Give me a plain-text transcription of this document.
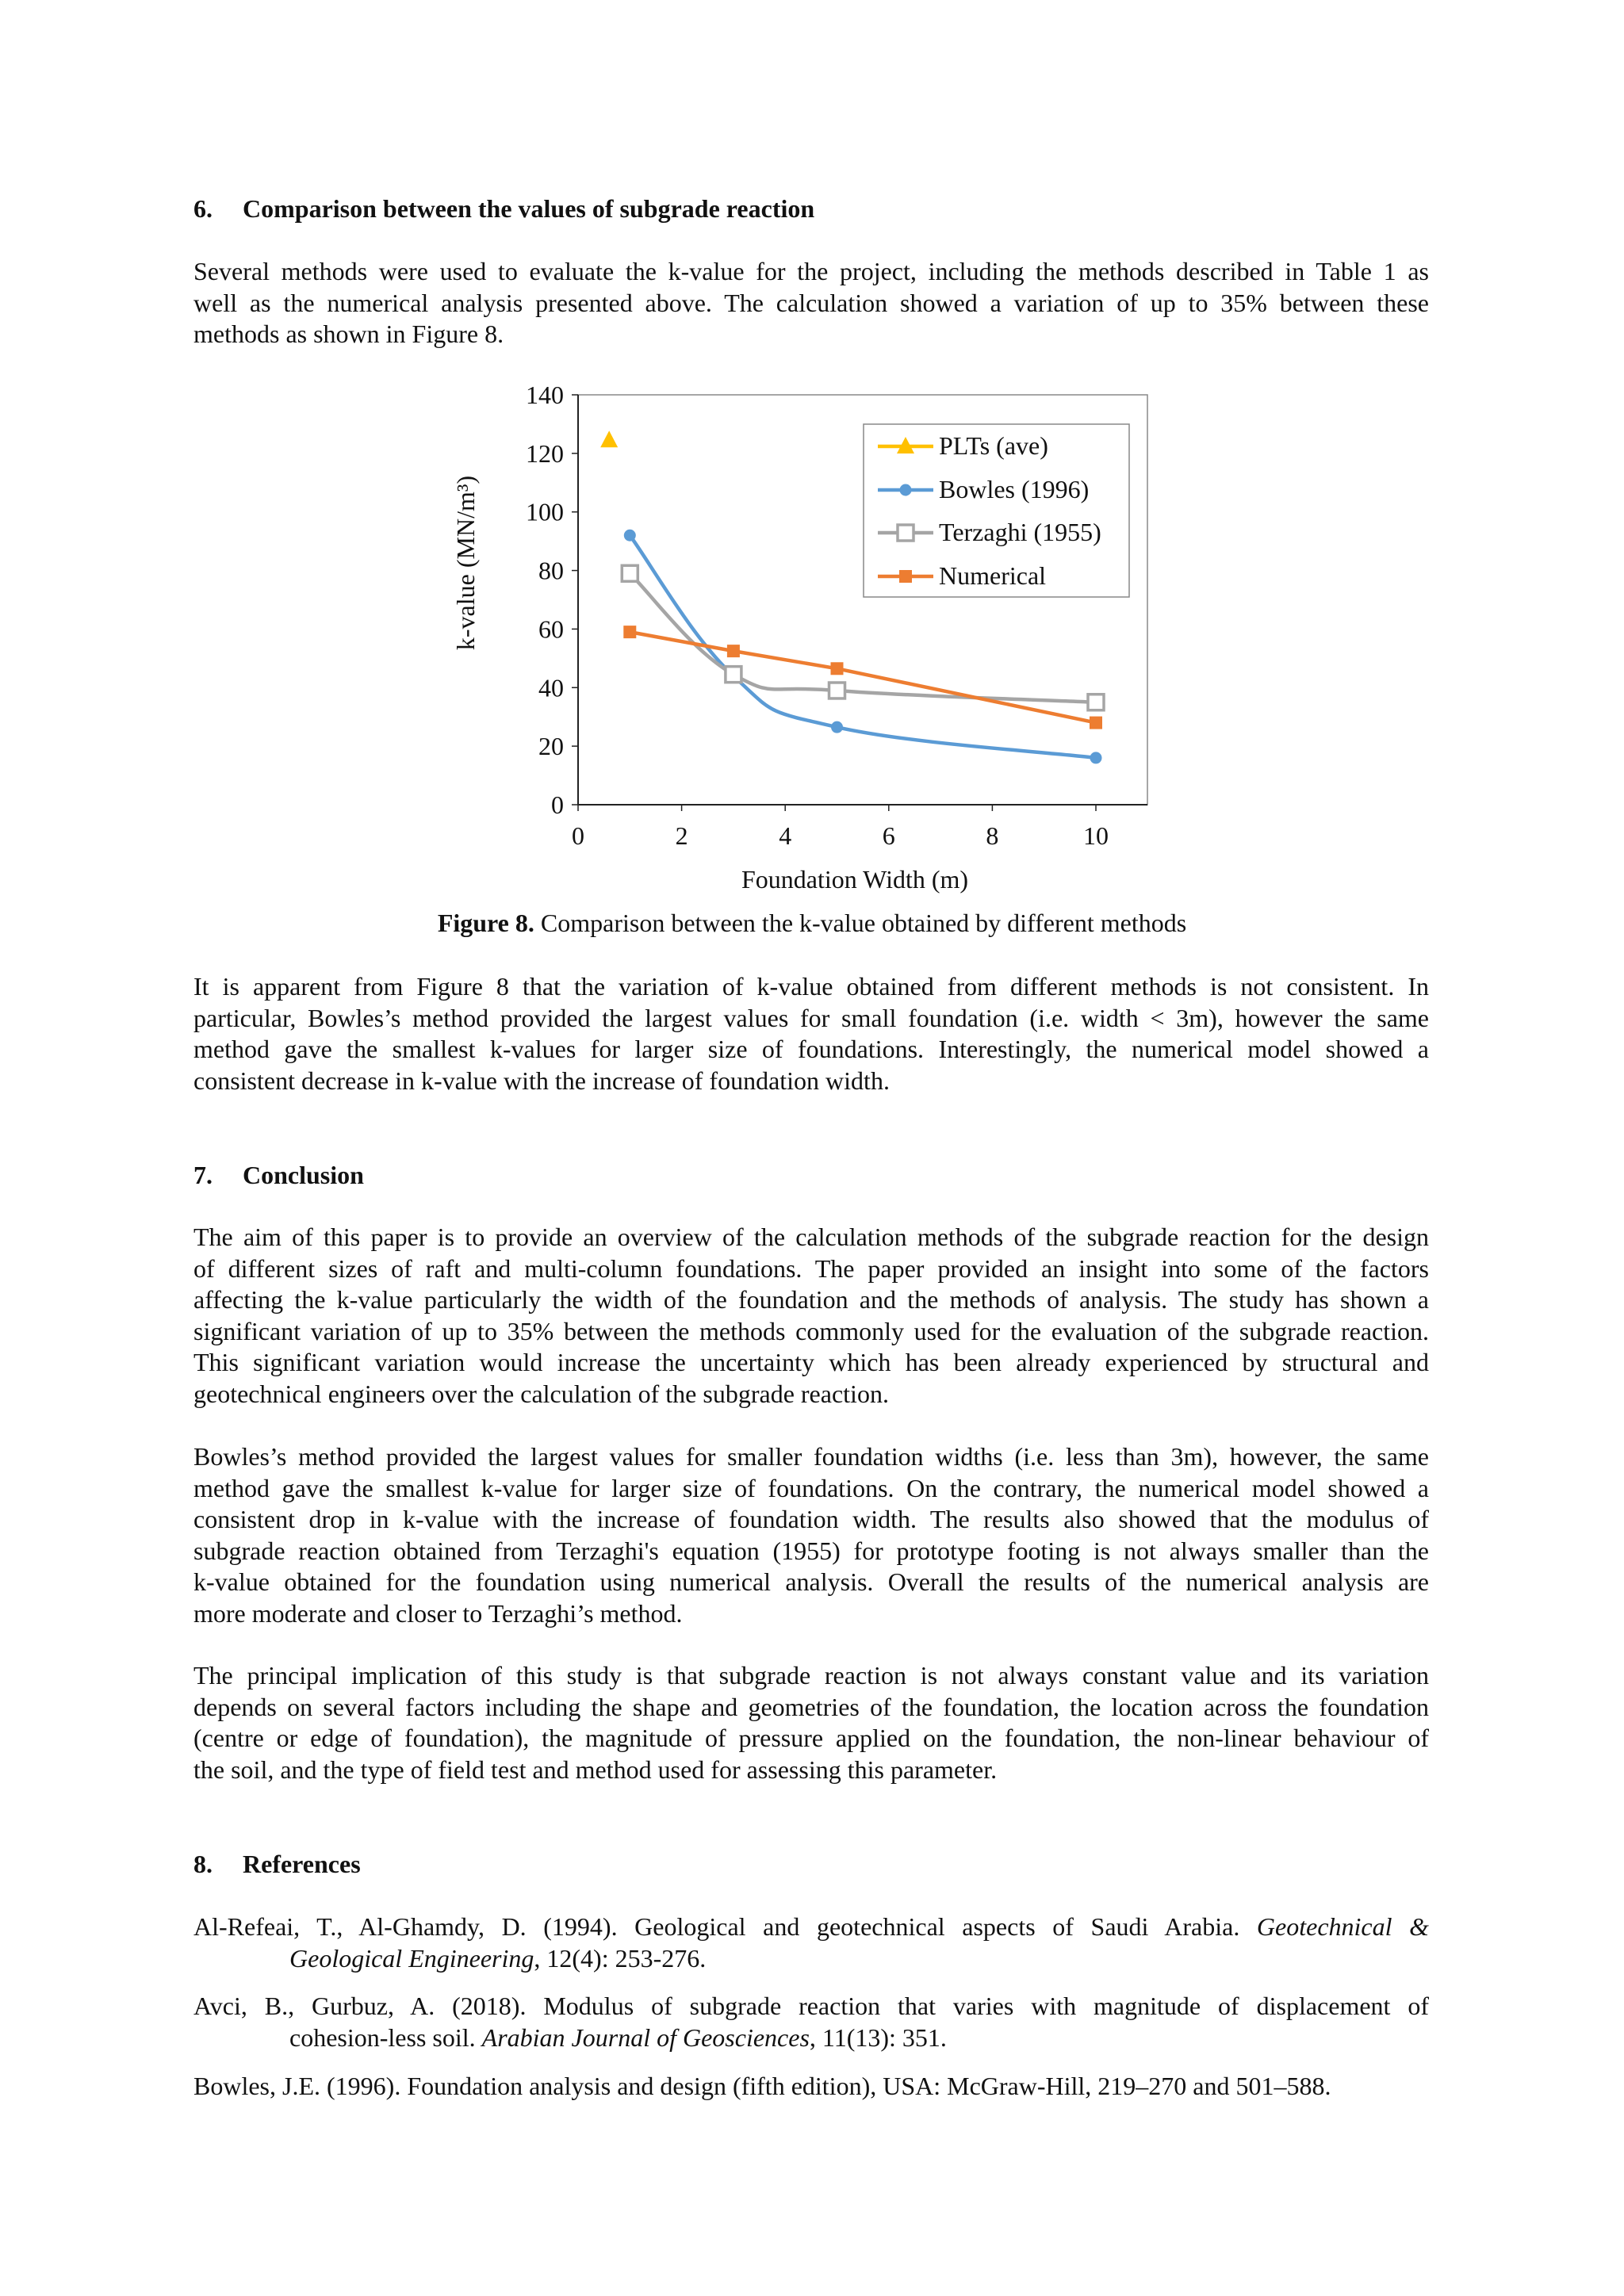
6. Comparison between the values of subgrade reaction
Several methods were used to evaluate the k-value for the project, including the methods described in Table 1 as
well as the numerical analysis presented above. The calculation showed a variation of up to 35% between these
methods as shown in Figure 8.
0
20
40
60
80
100
120
140
0	2	4	6	8	10
Foundation Width (m)
k-value (MN/m³)
PLTs (ave)
Bowles (1996)
Terzaghi (1955)
Numerical
Figure 8. Comparison between the k-value obtained by different methods
It is apparent from Figure 8 that the variation of k-value obtained from different methods is not consistent. In
particular, Bowles’s method provided the largest values for small foundation (i.e. width < 3m), however the same
method gave the smallest k-values for larger size of foundations. Interestingly, the numerical model showed a
consistent decrease in k-value with the increase of foundation width.
7. Conclusion
The aim of this paper is to provide an overview of the calculation methods of the subgrade reaction for the design
of different sizes of raft and multi-column foundations. The paper provided an insight into some of the factors
affecting the k-value particularly the width of the foundation and the methods of analysis. The study has shown a
significant variation of up to 35% between the methods commonly used for the evaluation of the subgrade reaction.
This significant variation would increase the uncertainty which has been already experienced by structural and
geotechnical engineers over the calculation of the subgrade reaction.
Bowles’s method provided the largest values for smaller foundation widths (i.e. less than 3m), however, the same
method gave the smallest k-value for larger size of foundations. On the contrary, the numerical model showed a
consistent drop in k-value with the increase of foundation width. The results also showed that the modulus of
subgrade reaction obtained from Terzaghi's equation (1955) for prototype footing is not always smaller than the
k-value obtained for the foundation using numerical analysis. Overall the results of the numerical analysis are
more moderate and closer to Terzaghi’s method.
The principal implication of this study is that subgrade reaction is not always constant value and its variation
depends on several factors including the shape and geometries of the foundation, the location across the foundation
(centre or edge of foundation), the magnitude of pressure applied on the foundation, the non-linear behaviour of
the soil, and the type of field test and method used for assessing this parameter.
8. References
Al-Refeai, T., Al-Ghamdy, D. (1994). Geological and geotechnical aspects of Saudi Arabia. Geotechnical &
Geological Engineering, 12(4): 253-276.
Avci, B., Gurbuz, A. (2018). Modulus of subgrade reaction that varies with magnitude of displacement of
cohesion-less soil. Arabian Journal of Geosciences, 11(13): 351.
Bowles, J.E. (1996). Foundation analysis and design (fifth edition), USA: McGraw-Hill, 219–270 and 501–588.
